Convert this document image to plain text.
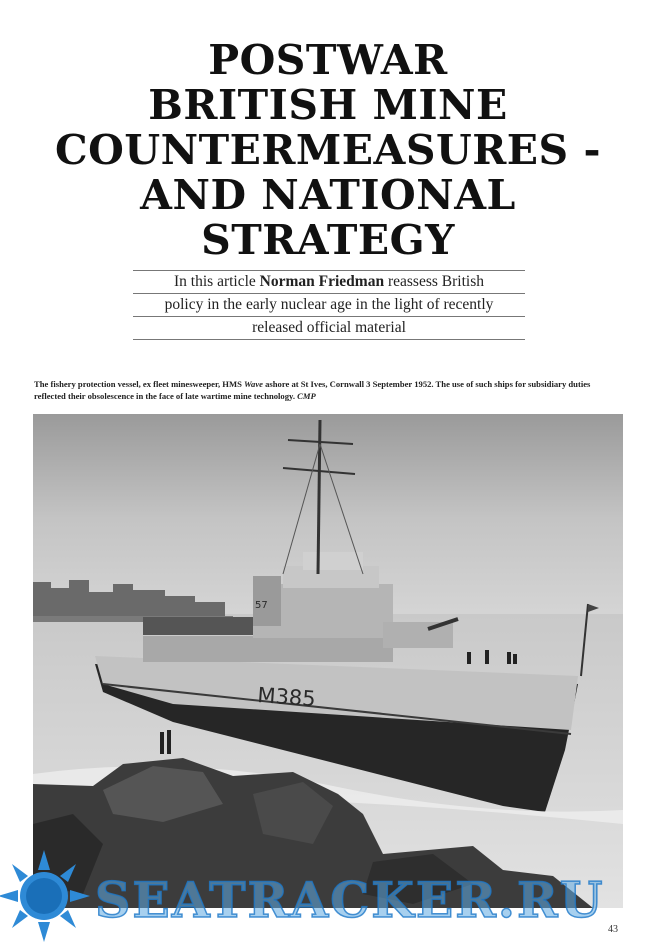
POSTWAR
BRITISH MINE
COUNTERMEASURES -
AND NATIONAL
STRATEGY
In this article Norman Friedman reassess British
policy in the early nuclear age in the light of recently
released official material
The fishery protection vessel, ex fleet minesweeper, HMS Wave ashore at St Ives, Cornwall 3 September 1952. The use of such ships for subsidiary duties reflected their obsolescence in the face of late wartime mine technology. CMP
M385
57
SEATRACKER.RU
43
